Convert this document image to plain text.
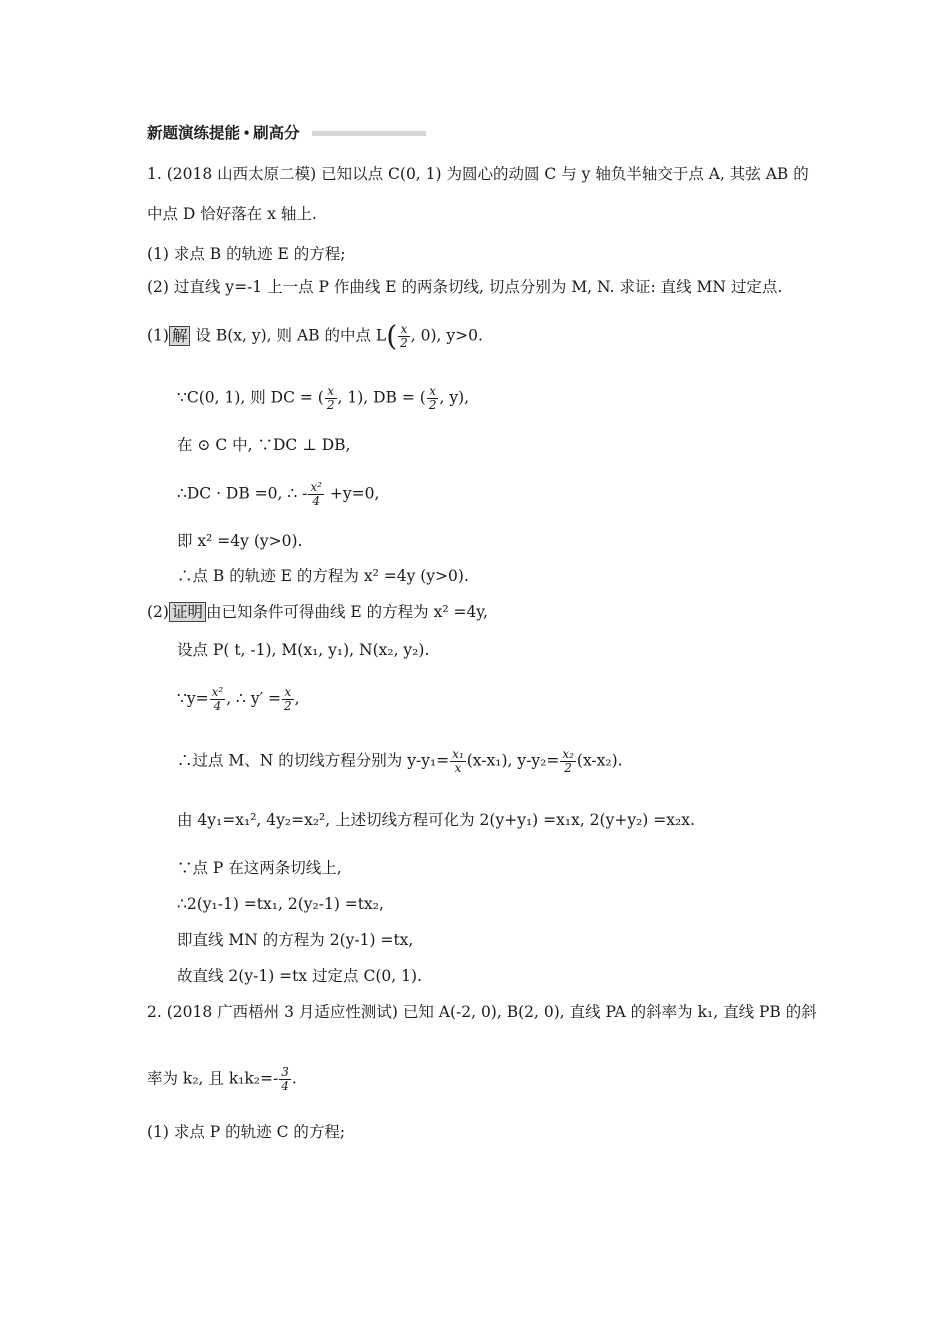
新题演练提能 • 刷高分
1. (2018 山西太原二模) 已知以点 C(0, 1) 为圆心的动圆 C 与 y 轴负半轴交于点 A, 其弦 AB 的
中点 D 恰好落在 x 轴上.
(1) 求点 B 的轨迹 E 的方程;
(2) 过直线 y=-1 上一点 P 作曲线 E 的两条切线, 切点分别为 M, N. 求证: 直线 MN 过定点.
(1) 解 设 B(x, y), 则 AB 的中点 $L( \frac{x}{2}$ , 0), y>0.
∵C(0, 1), 则 DC = ( $\frac{x}{2}$ , 1), DB = ( $\frac{x}{2}$ , y),
在 ⊙ C 中, ∵DC ⊥ DB,
∴DC · DB =0, ∴ - $\frac{\text{x²}}{4} +y=0$,
即 x² =4y (y>0).
∴点 B 的轨迹 E 的方程为 x² =4y (y>0).
(2) 证明 由已知条件可得曲线 E 的方程为 x² =4y,
设点 P( t, -1), M(x₁, y₁), N(x₂, y₂).
∵y= $\frac{\text{x²}}{4}$ , ∴ $y' = \frac{x}{2}$ ,
∴过点 M、N 的切线方程分别为 $y-y_1= \frac{\text{x₁}}{x} (x-x_1)$, $y-y_2= \frac{\text{x₂}}{2} (x-x_2)$.
由 4y₁=x₁², 4y₂=x₂², 上述切线方程可化为 2(y+y₁) =x₁x, 2(y+y₂) =x₂x.
∵点 P 在这两条切线上,
∴2(y₁-1) =tx₁, 2(y₂-1) =tx₂,
即直线 MN 的方程为 2(y-1) =tx,
故直线 2(y-1) =tx 过定点 C(0, 1).
2. (2018 广西梧州 3 月适应性测试) 已知 A(-2, 0), B(2, 0), 直线 PA 的斜率为 k₁, 直线 PB 的斜
率为 k₂, 且 $k_1k_2=- \frac{3}{4}$ .
(1) 求点 P 的轨迹 C 的方程;
